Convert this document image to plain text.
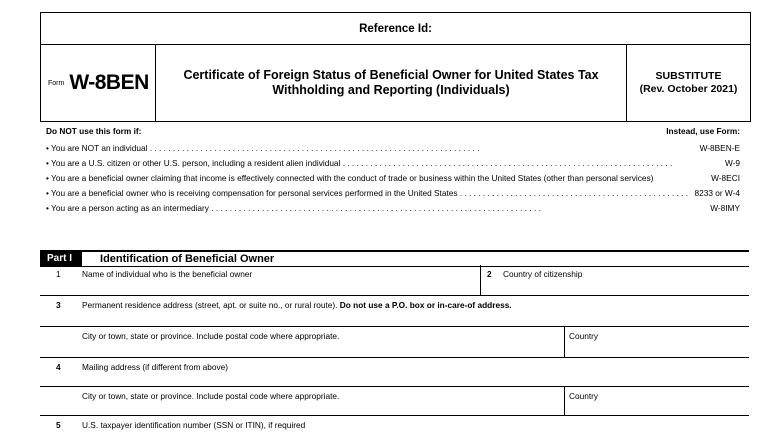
Reference Id:
Form W-8BEN	Certificate of Foreign Status of Beneficial Owner for United States Tax Withholding and Reporting (Individuals)
SUBSTITUTE
(Rev. October 2021)
Do NOT use this form if:	Instead, use Form:
• You are NOT an individual . .	W-8BEN-E
• You are a U.S. citizen or other U.S. person, including a resident alien individual . .	W-9
• You are a beneficial owner claiming that income is effectively connected with the conduct of trade or business within the United States (other than personal services)	W-8ECI
• You are a beneficial owner who is receiving compensation for personal services performed in the United States . .	8233 or W-4
• You are a person acting as an intermediary . .	W-8IMY
Part I	Identification of Beneficial Owner
1	Name of individual who is the beneficial owner	2 Country of citizenship
3	Permanent residence address (street, apt. or suite no., or rural route). Do not use a P.O. box or in-care-of address.
City or town, state or province. Include postal code where appropriate.	Country
4	Mailing address (if different from above)
City or town, state or province. Include postal code where appropriate.	Country
5	U.S. taxpayer identification number (SSN or ITIN), if required
